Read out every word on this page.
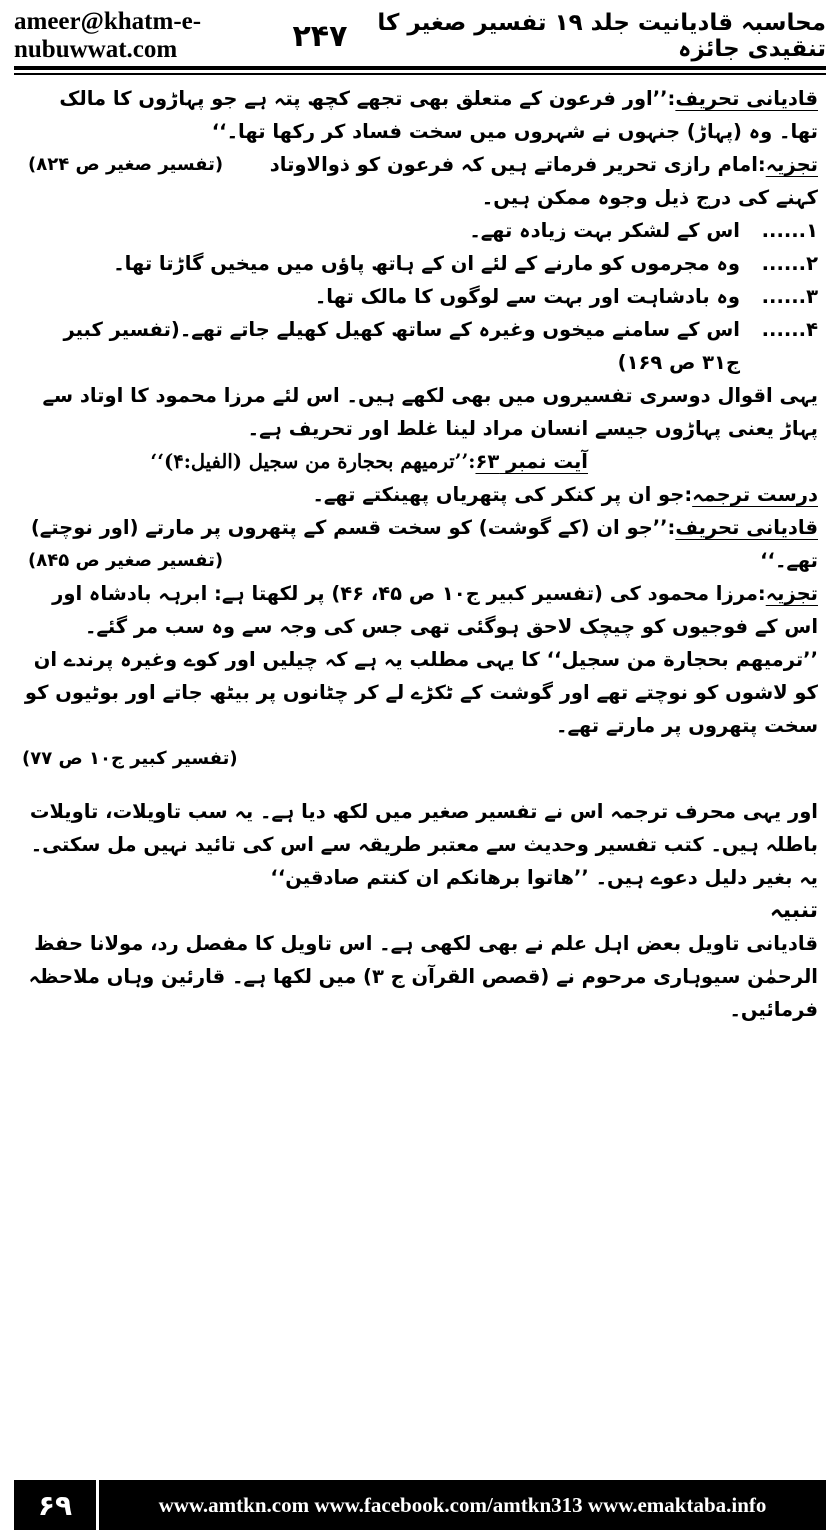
ameer@khatm-e-nubuwwat.com	۲۴۷	محاسبہ قادیانیت جلد ۱۹ تفسیر صغیر کا تنقیدی جائزہ

قادیانی تحریف:’’اور فرعون کے متعلق بھی تجھے کچھ پتہ ہے جو پہاڑوں کا مالک تھا۔ وہ (پہاڑ) جنہوں نے شہروں میں سخت فساد کر رکھا تھا۔‘‘
(تفسیر صغیر ص ۸۲۴)	تجزیہ:امام رازی تحریر فرماتے ہیں کہ فرعون کو ذوالاوتاد کہنے کی درج ذیل وجوہ ممکن ہیں۔

۱......
اس کے لشکر بہت زیادہ تھے۔
۲......
وہ مجرموں کو مارنے کے لئے ان کے ہاتھ پاؤں میں میخیں گاڑتا تھا۔
۳......
وہ بادشاہت اور بہت سے لوگوں کا مالک تھا۔
۴......
اس کے سامنے میخوں وغیرہ کے ساتھ کھیل کھیلے جاتے تھے۔(تفسیر کبیر ج۳۱ ص ۱۶۹)

یہی اقوال دوسری تفسیروں میں بھی لکھے ہیں۔ اس لئے مرزا محمود کا اوتاد سے پہاڑ یعنی پہاڑوں جیسے انسان مراد لینا غلط اور تحریف ہے۔

آیت نمبر ۶۳:’’ترمیهم بحجارة من سجيل (الفیل:۴)‘‘

درست ترجمہ:جو ان پر کنکر کی پتھریاں پھینکتے تھے۔

قادیانی تحریف:’’جو ان (کے گوشت) کو سخت قسم کے پتھروں پر مارتے (اور نوچتے) تھے۔‘‘
(تفسیر صغیر ص ۸۴۵)

تجزیہ:مرزا محمود کی (تفسیر کبیر ج۱۰ ص ۴۵، ۴۶) پر لکھتا ہے: ابرہہ بادشاہ اور اس کے فوجیوں کو چیچک لاحق ہوگئی تھی جس کی وجہ سے وہ سب مر گئے۔ ’’ترمیهم بحجارة من سجيل‘‘ کا یہی مطلب یہ ہے کہ چیلیں اور کوے وغیرہ پرندے ان کو لاشوں کو نوچتے تھے اور گوشت کے ٹکڑے لے کر چٹانوں پر بیٹھ جاتے اور بوٹیوں کو سخت پتھروں پر مارتے تھے۔

(تفسیر کبیر ج۱۰ ص ۷۷)

اور یہی محرف ترجمہ اس نے تفسیر صغیر میں لکھ دیا ہے۔ یہ سب تاویلات، تاویلات باطلہ ہیں۔ کتب تفسیر وحدیث سے معتبر طریقہ سے اس کی تائید نہیں مل سکتی۔ یہ بغیر دلیل دعوے ہیں۔ ’’هاتوا برهانكم ان كنتم صادقين‘‘

تنبیہ

قادیانی تاویل بعض اہل علم نے بھی لکھی ہے۔ اس تاویل کا مفصل رد، مولانا حفظ الرحمٰن سیوہاری مرحوم نے (قصص القرآن ج ۳) میں لکھا ہے۔ قارئین وہاں ملاحظہ فرمائیں۔

۶۹	www.amtkn.com www.facebook.com/amtkn313 www.emaktaba.info
